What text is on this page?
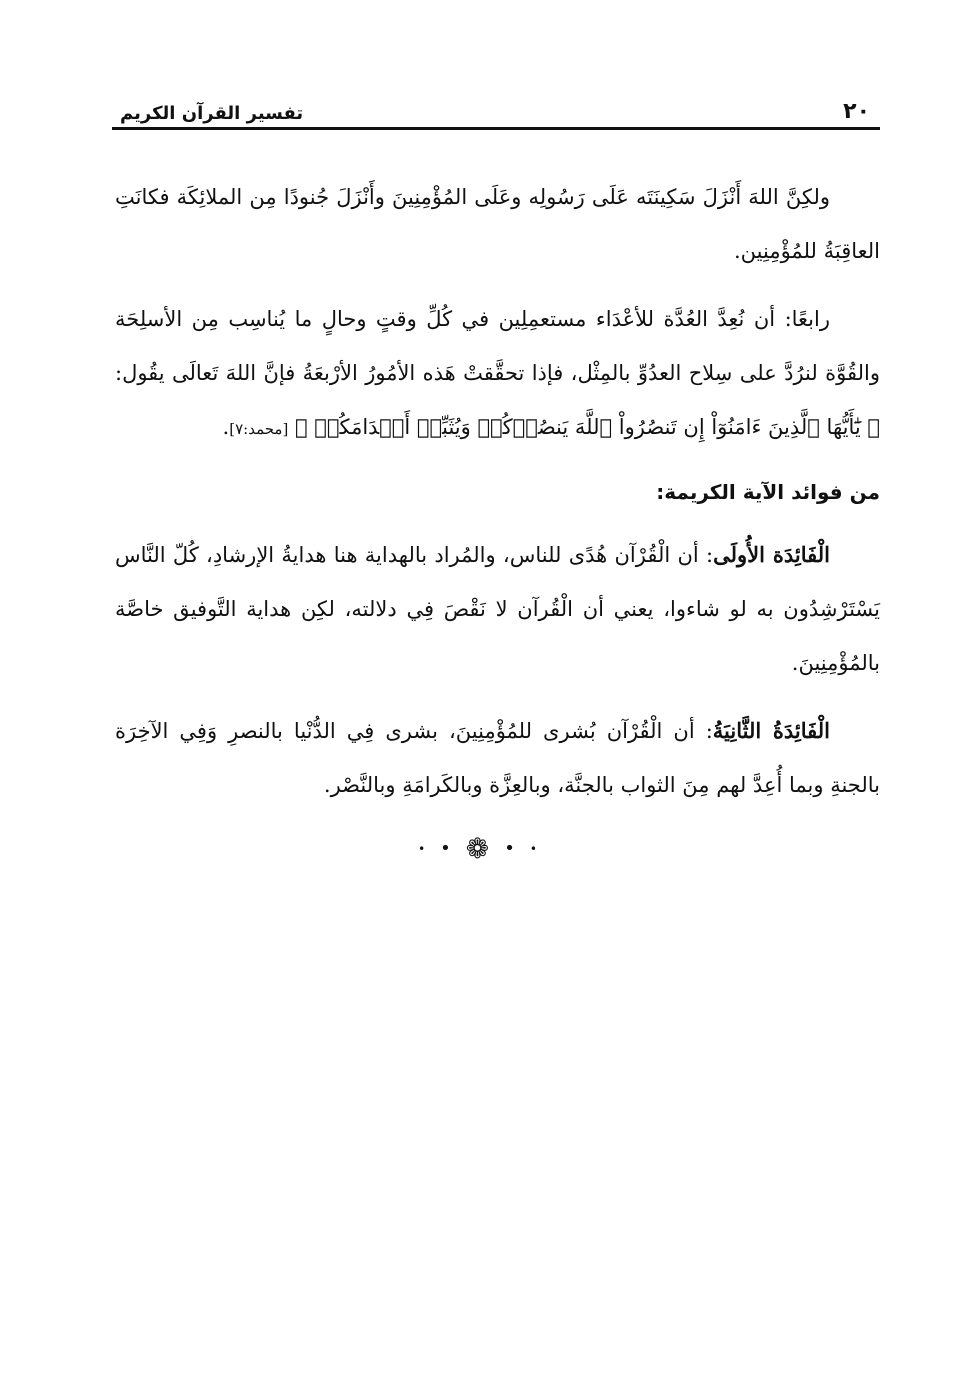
٢٠
تفسير القرآن الكريم

ولكِنَّ اللهَ أَنْزَلَ سَكِينَتَه عَلَى رَسُولِه وعَلَى المُؤْمِنِينَ وأَنْزَلَ جُنودًا مِن الملائِكَة فكانَتِ العاقِبَةُ للمُؤْمِنِين.

رابعًا: أن نُعِدَّ العُدَّة للأعْدَاء مستعمِلِين في كُلِّ وقتٍ وحالٍ ما يُناسِب مِن الأسلِحَة والقُوَّة لنرُدَّ على سِلاح العدُوِّ بالمِثْل، فإذا تحقَّقتْ هَذه الأمُورُ الأرْبعَةُ فإنَّ اللهَ تَعالَى يقُول: ﴿ يَٰٓأَيُّهَا ٱلَّذِينَ ءَامَنُوٓاْ إِن تَنصُرُواْ ٱللَّهَ يَنصُرۡكُمۡ وَيُثَبِّتۡ أَقۡدَامَكُمۡ ﴾ [محمد:٧].

من فوائد الآية الكريمة:

الْفَائِدَة الأُولَى: أن الْقُرْآن هُدًى للناس، والمُراد بالهداية هنا هدايةُ الإرشادِ، كُلّ النَّاس يَسْتَرْشِدُون به لو شاءوا، يعني أن الْقُرآن لا نَقْصَ فِي دلالته، لكِن هداية التَّوفيق خاصَّة بالمُؤْمِنِينَ.

الْفَائِدَةُ الثَّانِيَةُ: أن الْقُرْآن بُشرى للمُؤْمِنِينَ، بشرى فِي الدُّنْيا بالنصرِ وَفِي الآخِرَة بالجنةِ وبما أُعِدَّ لهم مِنَ الثواب بالجنَّة، وبالعِزَّة وبالكَرامَةِ وبالنَّصْر.

• • ❁ • •
